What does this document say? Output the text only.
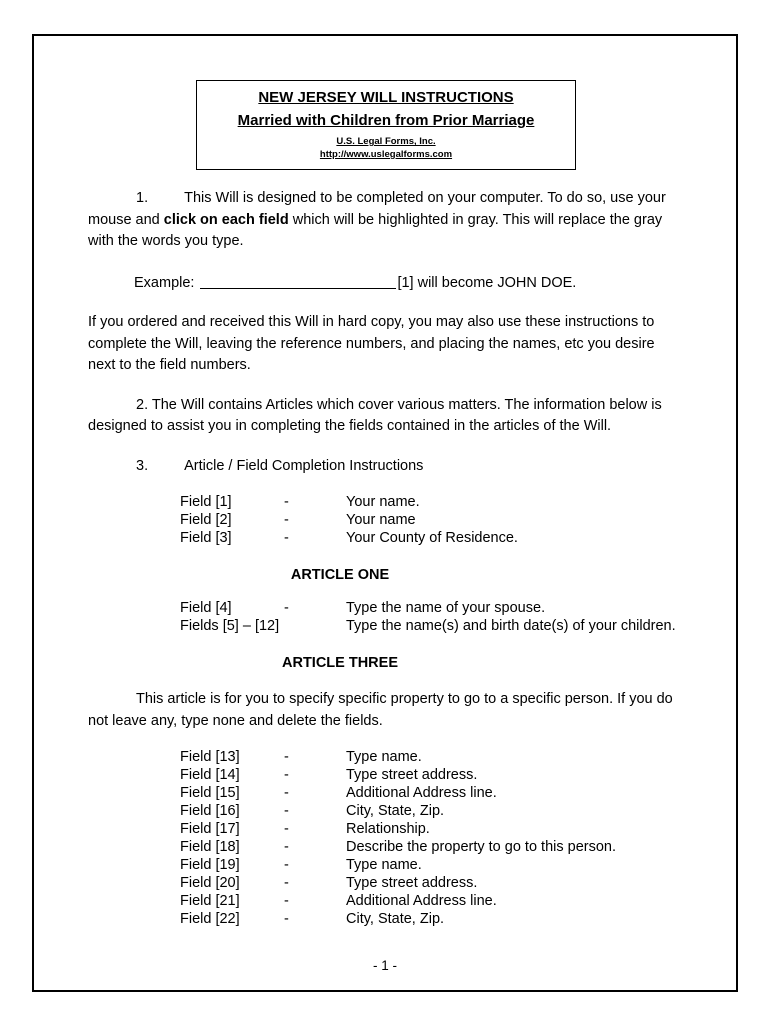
NEW JERSEY WILL INSTRUCTIONS
Married with Children from Prior Marriage
U.S. Legal Forms, Inc.
http://www.uslegalforms.com
1. This Will is designed to be completed on your computer. To do so, use your mouse and click on each field which will be highlighted in gray. This will replace the gray with the words you type.
Example:	[1] will become JOHN DOE.
If you ordered and received this Will in hard copy, you may also use these instructions to complete the Will, leaving the reference numbers, and placing the names, etc you desire next to the field numbers.
2. The Will contains Articles which cover various matters. The information below is designed to assist you in completing the fields contained in the articles of the Will.
3. Article / Field Completion Instructions
Field [1]	-	Your name.
Field [2]	-	Your name
Field [3]	-	Your County of Residence.
ARTICLE ONE
Field [4]	-	Type the name of your spouse.
Fields [5] – [12]	Type the name(s) and birth date(s) of your children.
ARTICLE THREE
This article is for you to specify specific property to go to a specific person. If you do not leave any, type none and delete the fields.
Field [13]	-	Type name.
Field [14]	-	Type street address.
Field [15]	-	Additional Address line.
Field [16]	-	City, State, Zip.
Field [17]	-	Relationship.
Field [18]	-	Describe the property to go to this person.
Field [19]	-	Type name.
Field [20]	-	Type street address.
Field [21]	-	Additional Address line.
Field [22]	-	City, State, Zip.
- 1 -
